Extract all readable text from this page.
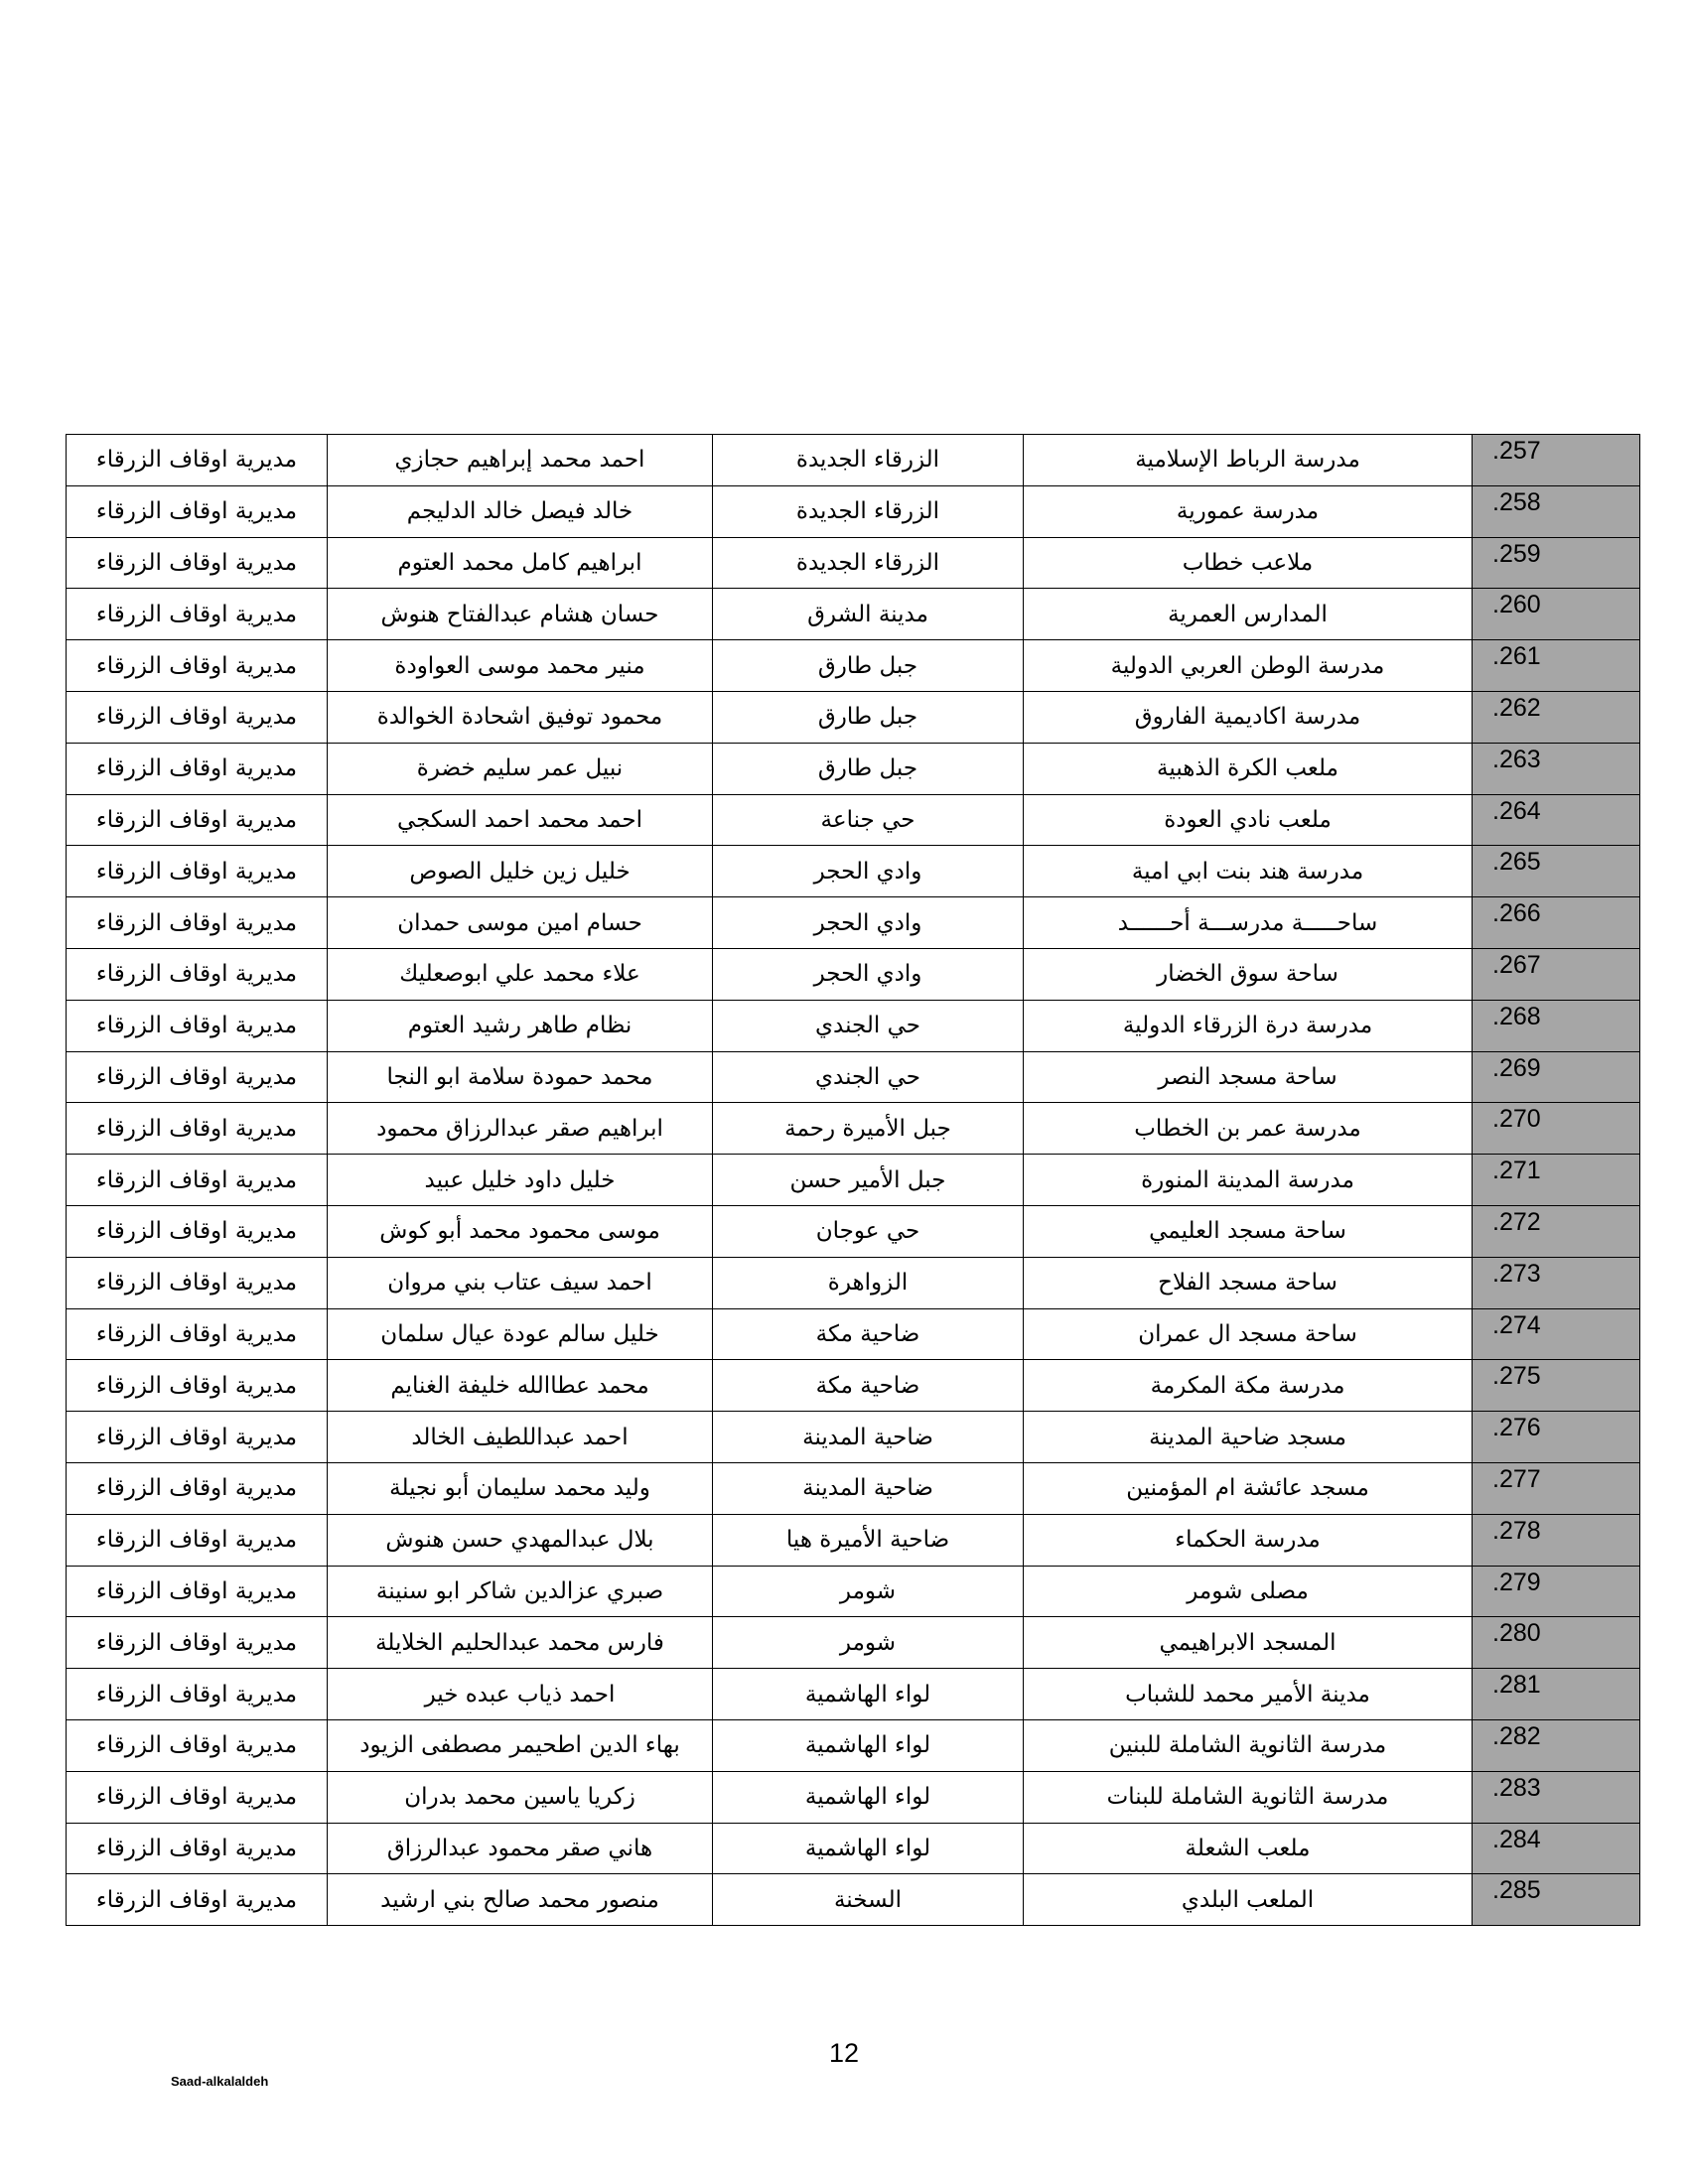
مديرية اوقاف الزرقاء	احمد محمد إبراهيم حجازي	الزرقاء الجديدة	مدرسة الرباط الإسلامية	.257
مديرية اوقاف الزرقاء	خالد فيصل خالد الدليجم	الزرقاء الجديدة	مدرسة عمورية	.258
مديرية اوقاف الزرقاء	ابراهيم كامل محمد العتوم	الزرقاء الجديدة	ملاعب خطاب	.259
مديرية اوقاف الزرقاء	حسان هشام عبدالفتاح هنوش	مدينة الشرق	المدارس العمرية	.260
مديرية اوقاف الزرقاء	منير محمد موسى العواودة	جبل طارق	مدرسة الوطن العربي الدولية	.261
مديرية اوقاف الزرقاء	محمود توفيق اشحادة الخوالدة	جبل طارق	مدرسة اكاديمية الفاروق	.262
مديرية اوقاف الزرقاء	نبيل عمر سليم خضرة	جبل طارق	ملعب الكرة الذهبية	.263
مديرية اوقاف الزرقاء	احمد محمد احمد السكجي	حي جناعة	ملعب نادي العودة	.264
مديرية اوقاف الزرقاء	خليل زين خليل الصوص	وادي الحجر	مدرسة هند بنت ابي امية	.265
مديرية اوقاف الزرقاء	حسام امين موسى حمدان	وادي الحجر	ساحـــــة مدرســـة أحــــــد	.266
مديرية اوقاف الزرقاء	علاء محمد علي ابوصعليك	وادي الحجر	ساحة سوق الخضار	.267
مديرية اوقاف الزرقاء	نظام طاهر رشيد العتوم	حي الجندي	مدرسة درة الزرقاء الدولية	.268
مديرية اوقاف الزرقاء	محمد حمودة سلامة ابو النجا	حي الجندي	ساحة مسجد النصر	.269
مديرية اوقاف الزرقاء	ابراهيم صقر عبدالرزاق محمود	جبل الأميرة رحمة	مدرسة عمر بن الخطاب	.270
مديرية اوقاف الزرقاء	خليل داود خليل عبيد	جبل الأمير حسن	مدرسة المدينة المنورة	.271
مديرية اوقاف الزرقاء	موسى محمود محمد أبو كوش	حي عوجان	ساحة مسجد العليمي	.272
مديرية اوقاف الزرقاء	احمد سيف عتاب بني مروان	الزواهرة	ساحة مسجد الفلاح	.273
مديرية اوقاف الزرقاء	خليل سالم عودة عيال سلمان	ضاحية مكة	ساحة مسجد ال عمران	.274
مديرية اوقاف الزرقاء	محمد عطاالله خليفة الغنايم	ضاحية مكة	مدرسة مكة المكرمة	.275
مديرية اوقاف الزرقاء	احمد عبداللطيف الخالد	ضاحية المدينة	مسجد ضاحية المدينة	.276
مديرية اوقاف الزرقاء	وليد محمد سليمان أبو نجيلة	ضاحية المدينة	مسجد عائشة ام المؤمنين	.277
مديرية اوقاف الزرقاء	بلال عبدالمهدي حسن هنوش	ضاحية الأميرة هيا	مدرسة الحكماء	.278
مديرية اوقاف الزرقاء	صبري عزالدين شاكر ابو سنينة	شومر	مصلى شومر	.279
مديرية اوقاف الزرقاء	فارس محمد عبدالحليم الخلايلة	شومر	المسجد الابراهيمي	.280
مديرية اوقاف الزرقاء	احمد ذياب عبده خير	لواء الهاشمية	مدينة الأمير محمد للشباب	.281
مديرية اوقاف الزرقاء	بهاء الدين اطحيمر مصطفى الزيود	لواء الهاشمية	مدرسة الثانوية الشاملة للبنين	.282
مديرية اوقاف الزرقاء	زكريا ياسين محمد بدران	لواء الهاشمية	مدرسة الثانوية الشاملة للبنات	.283
مديرية اوقاف الزرقاء	هاني صقر محمود عبدالرزاق	لواء الهاشمية	ملعب الشعلة	.284
مديرية اوقاف الزرقاء	منصور محمد صالح بني ارشيد	السخنة	الملعب البلدي	.285
12
Saad-alkalaldeh
